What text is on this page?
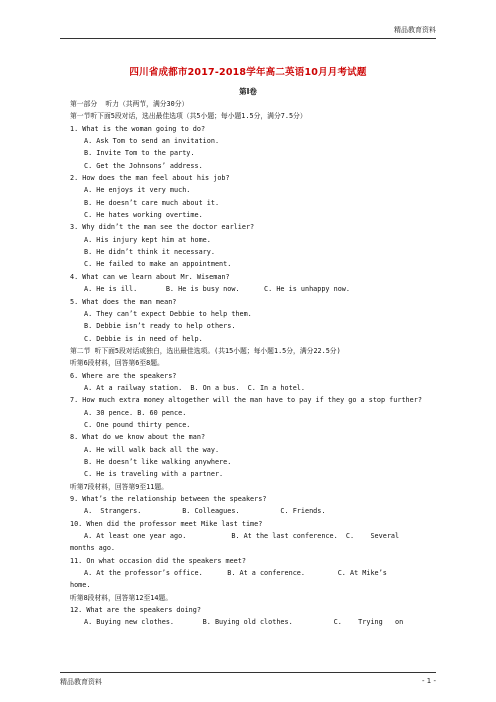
精品教育资料
四川省成都市2017-2018学年高二英语10月月考试题
第I卷
第一部分  听力（共两节，满分30分）
第一节听下面5段对话，选出最佳选项（共5小题；每小题1.5分，满分7.5分）
1. What is the woman going to do?
A. Ask Tom to send an invitation.
B. Invite Tom to the party.
C. Get the Johnsons’ address.
2. How does the man feel about his job?
A. He enjoys it very much.
B. He doesn’t care much about it.
C. He hates working overtime.
3. Why didn’t the man see the doctor earlier?
A. His injury kept him at home.
B. He didn’t think it necessary.
C. He failed to make an appointment.
4. What can we learn about Mr. Wiseman?
A. He is ill.       B. He is busy now.      C. He is unhappy now.
5. What does the man mean?
A. They can’t expect Debbie to help them.
B. Debbie isn’t ready to help others.
C. Debbie is in need of help.
第二节 听下面5段对话或独白，选出最佳选项。(共15小题；每小题1.5分，满分22.5分)
听第6段材料，回答第6至8题。
6. Where are the speakers?
A. At a railway station.  B. On a bus.  C. In a hotel.
7. How much extra money altogether will the man have to pay if they go a stop further?
A. 30 pence. B. 60 pence.
C. One pound thirty pence.
8. What do we know about the man?
A. He will walk back all the way.
B. He doesn’t like walking anywhere.
C. He is traveling with a partner.
听第7段材料，回答第9至11题。
9. What’s the relationship between the speakers?
A.  Strangers.          B. Colleagues.          C. Friends.
10. When did the professor meet Mike last time?
A. At least one year ago.           B. At the last conference.  C.    Several
months ago.
11. On what occasion did the speakers meet?
A. At the professor’s office.      B. At a conference.        C. At Mike’s
home.
听第8段材料，回答第12至14题。
12. What are the speakers doing?
A. Buying new clothes.       B. Buying old clothes.          C.    Trying   on
精品教育资料	- 1 -
